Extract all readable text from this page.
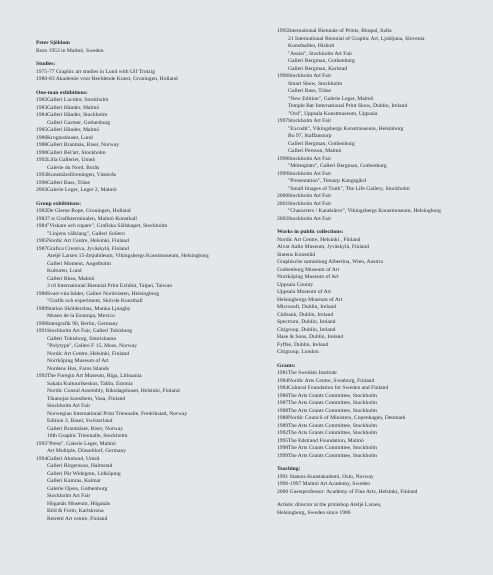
Peter Sjöblom
Born 1953 in Malmö, Sweden
Studies:
1975-77 Graphic art studies in Lund with Ulf Trotzig
1980-83 Akademie voor Beeldende Kunst, Groningen, Holland
One-man exhibitions:
1982Galleri Lucidor, Stockholm
1983Galleri Händer, Malmö
1984Galleri Händer, Stockholm
Galleri Garmer, Gothenburg
1985Galleri Händer, Malmö
1986Krognoshuset, Lund
1988Galleri Brantnäs, Riser, Norway
1990Galleri Bel'art, Stockholm
1992Lilla Galleriet, Umeå
Galerie du Nord, Borås
1993Konstnärsföreningen, Västerås
1996Galleri Bass, Träne
2003Galerie Leger, Leger 2, Malmö
Group exhibitions:
1982De Gleme Rope, Groningen, Holland
19837 st Grafikterminalen, Malmö Konsthall
1984"Viskare och ropare", Grafiska Sällskapet, Stockholm
"Linjens välklang", Galleri Sollero
1985Nordic Art Centre, Helsinki, Finland
1987Grafica Creativa, Jyväskylä, Finland
Ateljé Larsen 15-årsjubileum, Vikingsbergs Konstmuseum, Helsingborg
Galleri Moment, Ängelholm
Kulturen, Lund
Galleri Rhea, Malmö
3 rd International Biennial Print Exhibit, Taipei, Taiwan
1988Svart-vita bilder, Galleri Nordvästen, Helsingborg
"Grafik och experiment, Skövde Konsthall
1989Station Sköldershus, Munka Ljungby
Museo de la Estampa, Mexico
1990Intergrafik 90, Berlin, Germany
1991Stockholm Art Fair, Galleri Tobisborg
Galleri Tobisborg, Simrishamn
"Polytype", Galleri F 15, Moss, Norway
Nordic Art Centre, Helsinki, Finland
Norrköping Museum of Art
Nordens Hus, Faros Islands
1992The Foregin Art Museum, Riga, Lithuania
Sakala Kultuurikeskus, Tallin, Estonia
Nordic Consul Assembly, Riksdagshuset, Helsinki, Finland
Tikanojas konsthem, Vasa, Finland
Stockholm Art Fair
Norwegian International Print Triennalle, Fredrikstad, Norway
Edition 3, Basel, Switzerland
Galleri Brantnäset, Riser, Norway
10th Graphic Triennalle, Stockholm
1993"Press", Galerie Leger, Malmö
Art Multiple, Düsseldorf, Germany
1994Galleri Ahnlund, Umeå
Galleri Birgersson, Halmstad
Galleri Pär Widegren, Lidköping
Galleri Kamras, Kalmar
Galerie Ojens, Gothenburg
Stockholm Art Fair
Höganäs Museum, Höganäs
Bild & Form, Karlskrona
Retretti Art centre, Finland
1995International Biennale of Prints, Bhopal, India
21 International Biennial of Graphic Art, Ljubljana, Slovenia
Konsthallen, Hishult
"Assisi", Stockholm Art Fair
Galleri Bergman, Gothenburg
Galleri Bergman, Karlstad
1996Stockholm Art Fair
Smart Show, Stockholm
Galleri Bass, Träne
"New Edition", Galerie Leger, Malmö
Temple Bar International Print Show, Dublin, Ireland
"Ord", Uppsala Konstmuseum, Uppsala
1997Stockholm Art Fair
"Excudit", Vikingsbergs Konstmuseum, Helsinborg
Bo 97, Staffanstorp
Galleri Bergman, Gothenburg
Galleri Persson, Malmö
1998Stockholm Art Fair
"Mötesplats", Galleri Bergman, Gothenburg
1999Stockholm Art Fair
"Presentation", Temarp Kungsgård
"Small Images of Truth", The Life Gallery, Stockholm
2000Stockholm Art Fair
2001Stockholm Art Fair
"Characters / Karaktärer", Vikingsbergs Konstmuseum, Helsingborg
2002Stockholm Art Fair
Works in public collections:
Nordic Art Centre, Helsinki , Finland
Alvar Aalto Museum, Jyväskylä, Finland
Statens Konstråd
Graphische sammlung Albertina, Wien, Austria
Gothenburg Museum of Art
Norrköping Museum of Art
Uppsala County
Uppsala Museum of Art
Helsingborgs Museum of Art
Microsoft, Dublin, Ireland
Citibank, Dublin, Ireland
Spectrum, Dublin, Ireland
Citigroup, Dublin, Ireland
Hase & Sons, Dublin, Ireland
Fyffes, Dublin, Ireland
Citigroup, London
Grants:
1981The Swedish Institute
1984Nordic Arts Centre, Sveaborg, Finland
1984Cultural Foundation for Sweden and Finland
1986The Arts Grants Committee, Stockholm
1987The Arts Grants Committee, Stockholm
1988The Arts Grants Committee, Stockholm
1988Nordic Council of Ministers, Copenhagen, Denmark
1989The Arts Grants Committee, Stockholm
1992The Arts Grants Committee, Stockholm
1995The Edstrand Foundation, Malmö
1998The Arts Grants Committee, Stockholm
1999The Arts Grants Committee, Stockholm
Teaching:
1991 Statens Kunstakademi, Oslo, Norway
1996-1997 Malmö Art Academy, Sweden
2000 Guestprofessor: Academy of Fine Arts, Helsinki, Finland
Artistic director at the printshop Ateljé Larsen,
Helsingborg, Sweden since 1986
